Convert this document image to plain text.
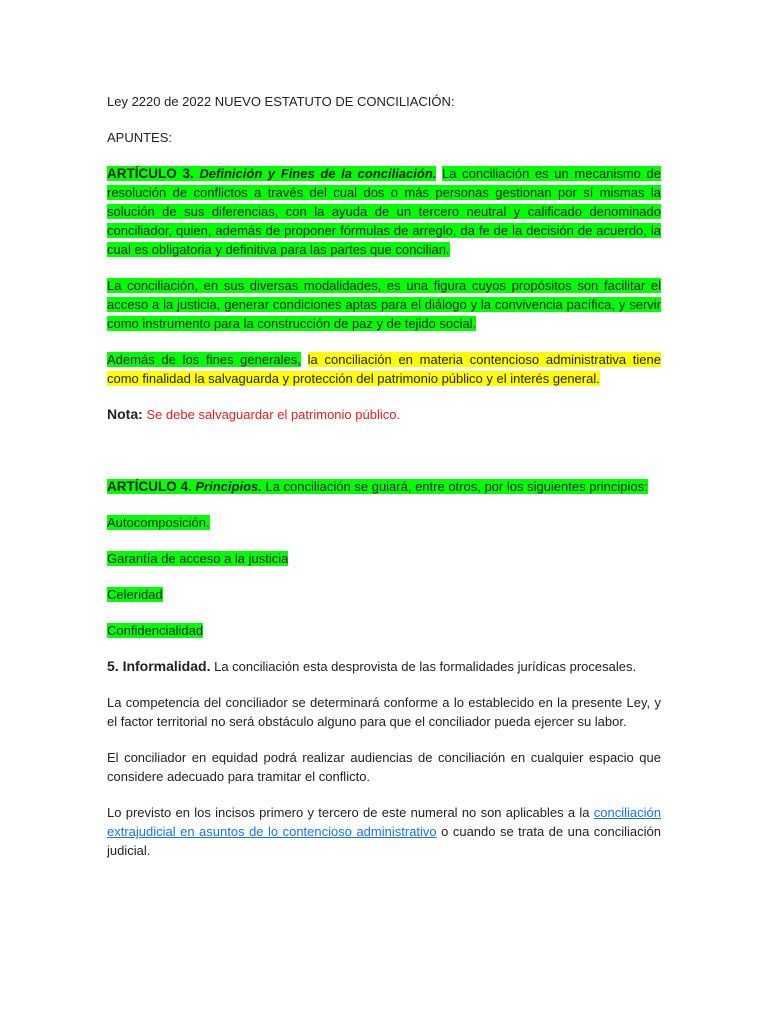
Ley 2220 de 2022 NUEVO ESTATUTO DE CONCILIACIÓN:

APUNTES:

ARTÍCULO 3. Definición y Fines de la conciliación. La conciliación es un mecanismo de resolución de conflictos a través del cual dos o más personas gestionan por sí mismas la solución de sus diferencias, con la ayuda de un tercero neutral y calificado denominado conciliador, quien, además de proponer fórmulas de arreglo, da fe de la decisión de acuerdo, la cual es obligatoria y definitiva para las partes que concilian.

La conciliación, en sus diversas modalidades, es una figura cuyos propósitos son facilitar el acceso a la justicia, generar condiciones aptas para el diálogo y la convivencia pacífica, y servir como instrumento para la construcción de paz y de tejido social.

Además de los fines generales, la conciliación en materia contencioso administrativa tiene como finalidad la salvaguarda y protección del patrimonio público y el interés general.

Nota: Se debe salvaguardar el patrimonio público.

ARTÍCULO 4. Principios. La conciliación se guiará, entre otros, por los siguientes principios:

Autocomposición.

Garantía de acceso a la justicia

Celeridad

Confidencialidad

5. Informalidad. La conciliación esta desprovista de las formalidades jurídicas procesales.

La competencia del conciliador se determinará conforme a lo establecido en la presente Ley, y el factor territorial no será obstáculo alguno para que el conciliador pueda ejercer su labor.

El conciliador en equidad podrá realizar audiencias de conciliación en cualquier espacio que considere adecuado para tramitar el conflicto.

Lo previsto en los incisos primero y tercero de este numeral no son aplicables a la conciliación extrajudicial en asuntos de lo contencioso administrativo o cuando se trata de una conciliación judicial.
